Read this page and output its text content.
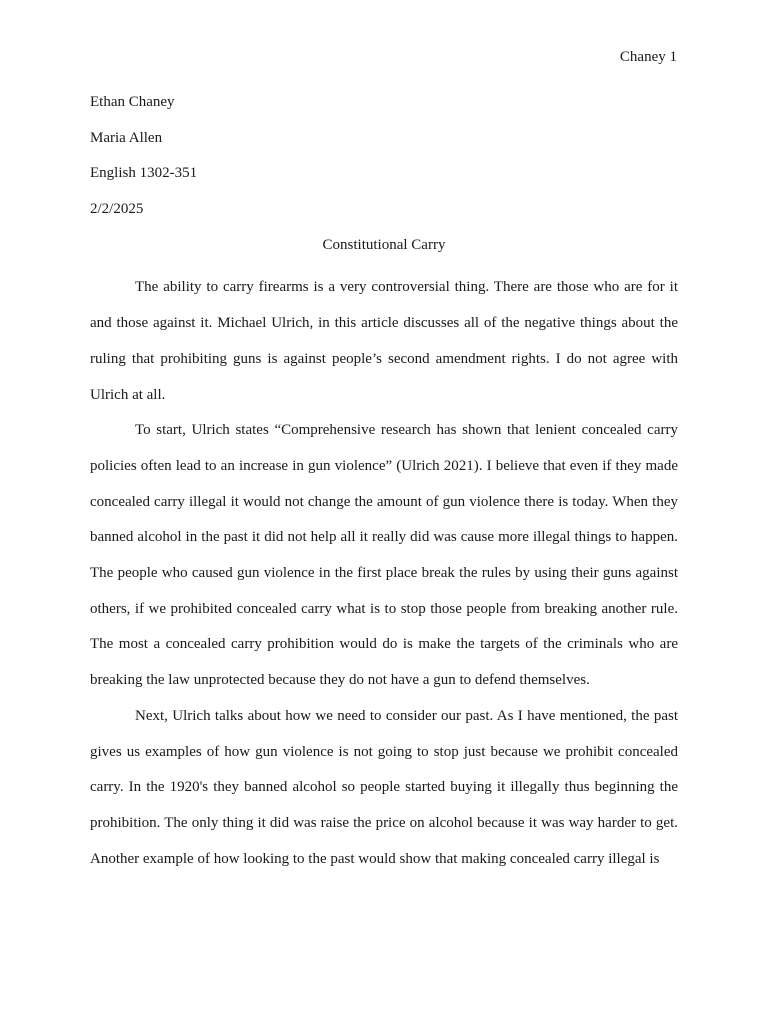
Chaney 1
Ethan Chaney
Maria Allen
English 1302-351
2/2/2025
Constitutional Carry

The ability to carry firearms is a very controversial thing. There are those who are for it and those against it. Michael Ulrich, in this article discusses all of the negative things about the ruling that prohibiting guns is against people’s second amendment rights. I do not agree with Ulrich at all.

To start, Ulrich states “Comprehensive research has shown that lenient concealed carry policies often lead to an increase in gun violence” (Ulrich 2021). I believe that even if they made concealed carry illegal it would not change the amount of gun violence there is today. When they banned alcohol in the past it did not help all it really did was cause more illegal things to happen. The people who caused gun violence in the first place break the rules by using their guns against others, if we prohibited concealed carry what is to stop those people from breaking another rule. The most a concealed carry prohibition would do is make the targets of the criminals who are breaking the law unprotected because they do not have a gun to defend themselves.

Next, Ulrich talks about how we need to consider our past. As I have mentioned, the past gives us examples of how gun violence is not going to stop just because we prohibit concealed carry. In the 1920's they banned alcohol so people started buying it illegally thus beginning the prohibition. The only thing it did was raise the price on alcohol because it was way harder to get. Another example of how looking to the past would show that making concealed carry illegal is
